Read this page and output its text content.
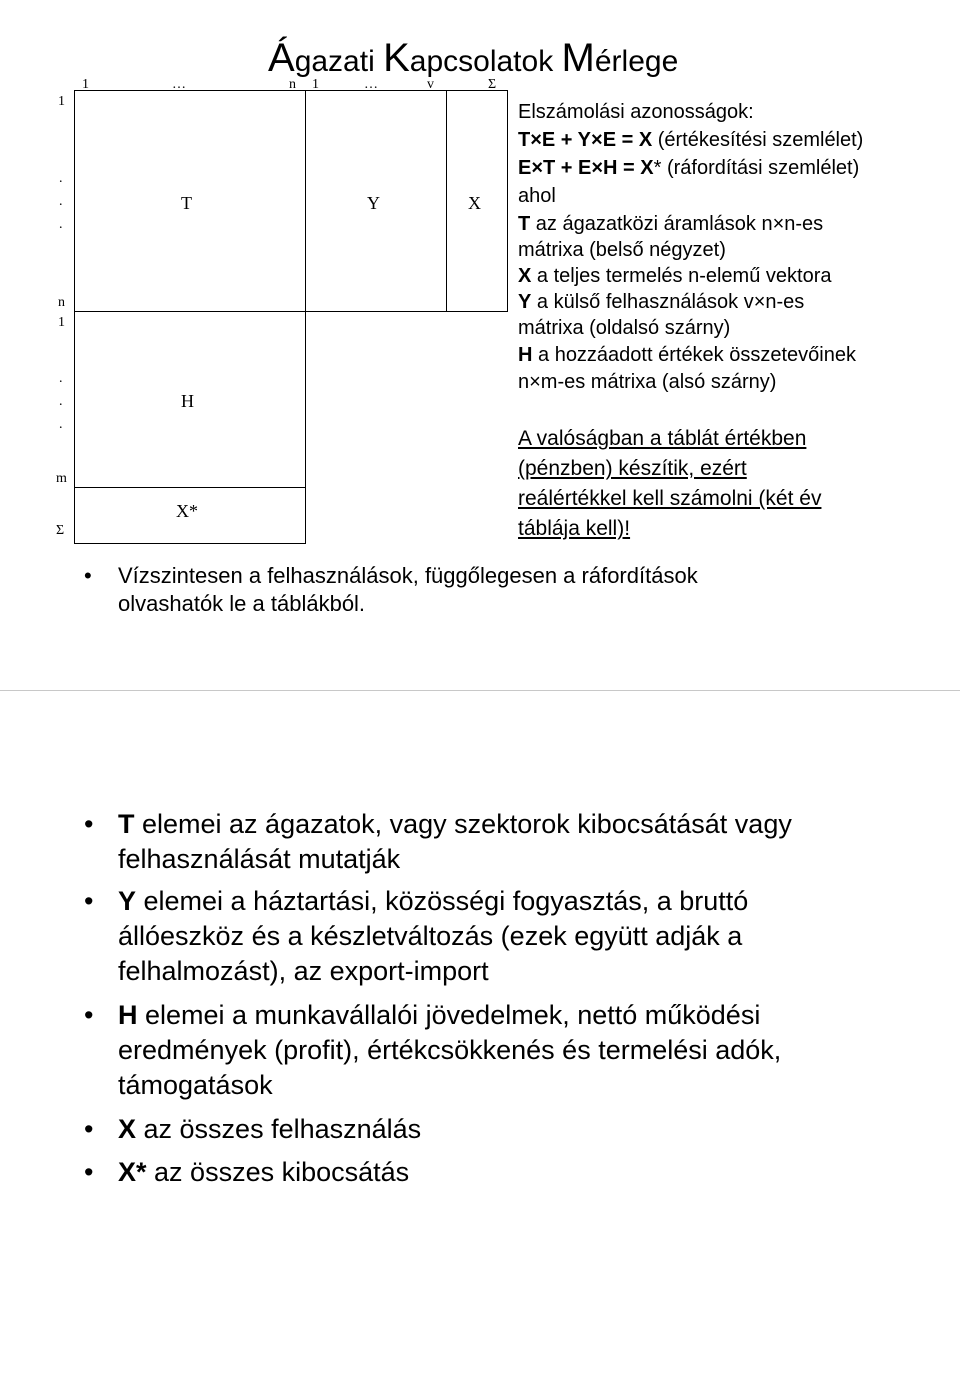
Ágazati Kapcsolatok Mérlege
1	…	n 1	…	v	Σ
1
.
.
.
n
1
.
.
.
m
Σ
T	Y	X
H
X*
Elszámolási azonosságok:
T×E + Y×E = X (értékesítési szemlélet)
E×T + E×H = X* (ráfordítási szemlélet)
ahol
T az ágazatközi áramlások n×n-es
mátrixa (belső négyzet)
X a teljes termelés n-elemű vektora
Y a külső felhasználások v×n-es
mátrixa (oldalsó szárny)
H a hozzáadott értékek összetevőinek
n×m-es mátrixa (alsó szárny)
A valóságban a táblát értékben
(pénzben) készítik, ezért
reálértékkel kell számolni (két év
táblája kell)!
• Vízszintesen a felhasználások, függőlegesen a ráfordítások
olvashatók le a táblákból.
• T elemei az ágazatok, vagy szektorok kibocsátását vagy
felhasználását mutatják
• Y elemei a háztartási, közösségi fogyasztás, a bruttó
állóeszköz és a készletváltozás (ezek együtt adják a
felhalmozást), az export-import
• H elemei a munkavállalói jövedelmek, nettó működési
eredmények (profit), értékcsökkenés és termelési adók,
támogatások
• X az összes felhasználás
• X* az összes kibocsátás
